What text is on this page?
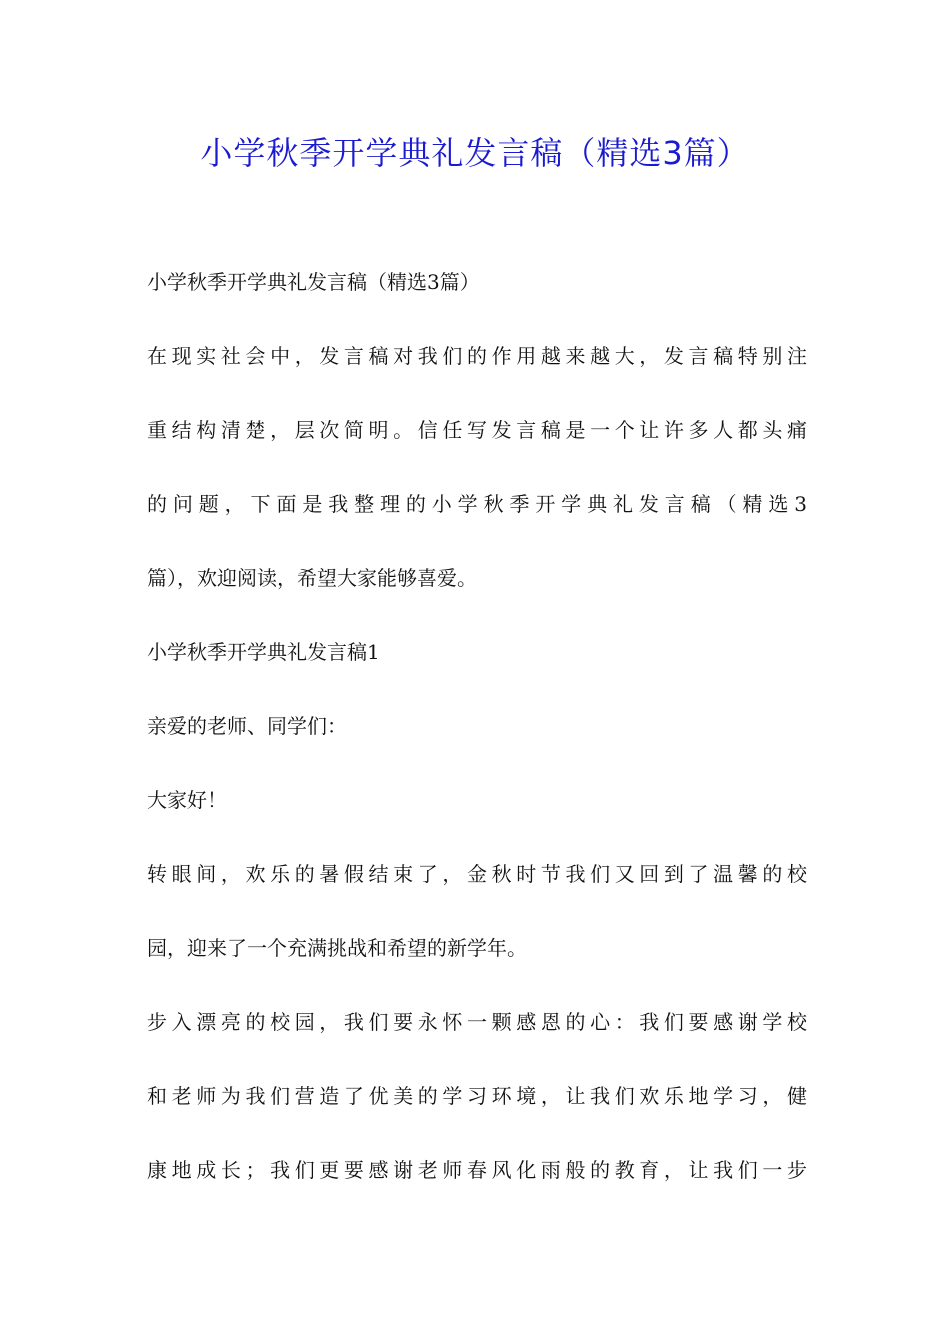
小学秋季开学典礼发言稿（精选3篇）
小学秋季开学典礼发言稿（精选3篇）
在现实社会中，发言稿对我们的作用越来越大，发言稿特别注
重结构清楚，层次简明。信任写发言稿是一个让许多人都头痛
的问题，下面是我整理的小学秋季开学典礼发言稿（精选3
篇），欢迎阅读，希望大家能够喜爱。
小学秋季开学典礼发言稿1
亲爱的老师、同学们：
大家好！
转眼间，欢乐的暑假结束了，金秋时节我们又回到了温馨的校
园，迎来了一个充满挑战和希望的新学年。
步入漂亮的校园，我们要永怀一颗感恩的心：我们要感谢学校
和老师为我们营造了优美的学习环境，让我们欢乐地学习，健
康地成长；我们更要感谢老师春风化雨般的教育，让我们一步
